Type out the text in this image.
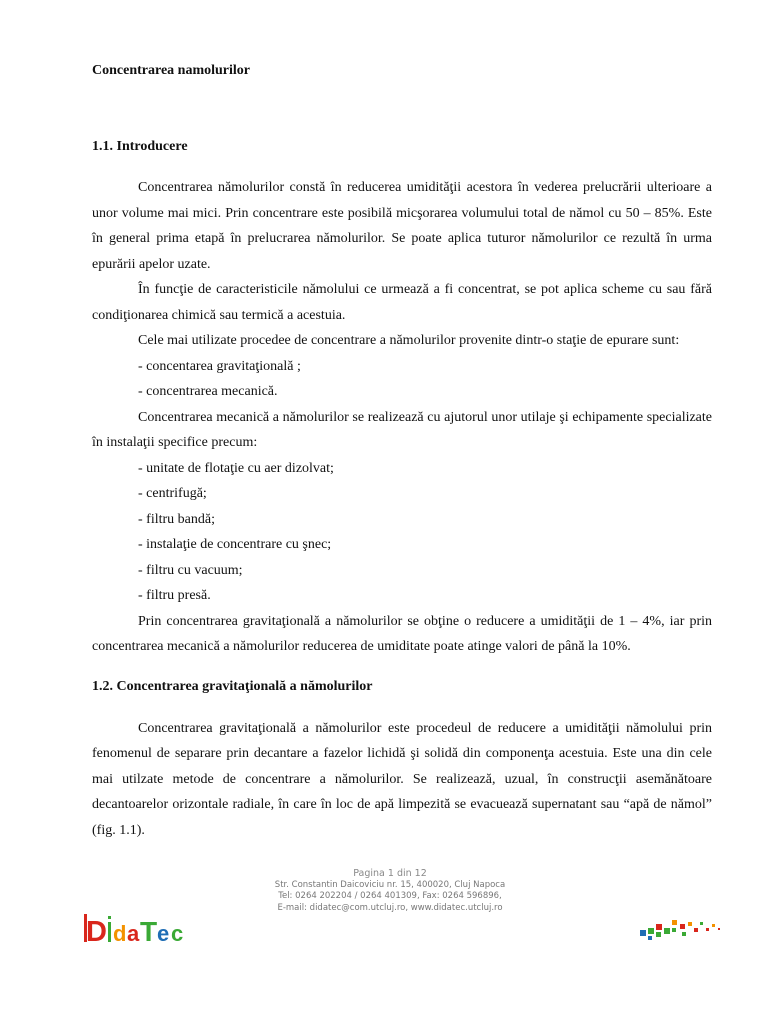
Concentrarea namolurilor

1.1. Introducere

Concentrarea nămolurilor constă în reducerea umidităţii acestora în vederea prelucrării ulterioare a unor volume mai mici. Prin concentrare este posibilă micşorarea volumului total de nămol cu 50 – 85%. Este în general prima etapă în prelucrarea nămolurilor. Se poate aplica tuturor nămolurilor ce rezultă în urma epurării apelor uzate.

În funcţie de caracteristicile nămolului ce urmează a fi concentrat, se pot aplica scheme cu sau fără condiţionarea chimică sau termică a acestuia.

Cele mai utilizate procedee de concentrare a nămolurilor provenite dintr-o staţie de epurare sunt:

- concentarea gravitaţională ;

- concentrarea mecanică.

Concentrarea mecanică a nămolurilor se realizează cu ajutorul unor utilaje şi echipamente specializate în instalaţii specifice precum:

- unitate de flotaţie cu aer dizolvat;

- centrifugă;

- filtru bandă;

- instalaţie de concentrare cu şnec;

- filtru cu vacuum;

- filtru presă.

Prin concentrarea gravitaţională a nămolurilor se obţine o reducere a umidităţii de 1 – 4%, iar prin concentrarea mecanică a nămolurilor reducerea de umiditate poate atinge valori de până la 10%.

1.2. Concentrarea gravitaţională a nămolurilor

Concentrarea gravitaţională a nămolurilor este procedeul de reducere a umidităţii nămolului prin fenomenul de separare prin decantare a fazelor lichidă şi solidă din componenţa acestuia. Este una din cele mai utilzate metode de concentrare a nămolurilor. Se realizează, uzual, în construcţii asemănătoare decantoarelor orizontale radiale, în care în loc de apă limpezită se evacuează supernatant sau “apă de nămol” (fig. 1.1).

Pagina 1 din 12
Str. Constantin Daicoviciu nr. 15, 400020, Cluj Napoca
Tel: 0264 202204 / 0264 401309, Fax: 0264 596896,
E-mail: didatec@com.utcluj.ro, www.didatec.utcluj.ro
D d a T e c
